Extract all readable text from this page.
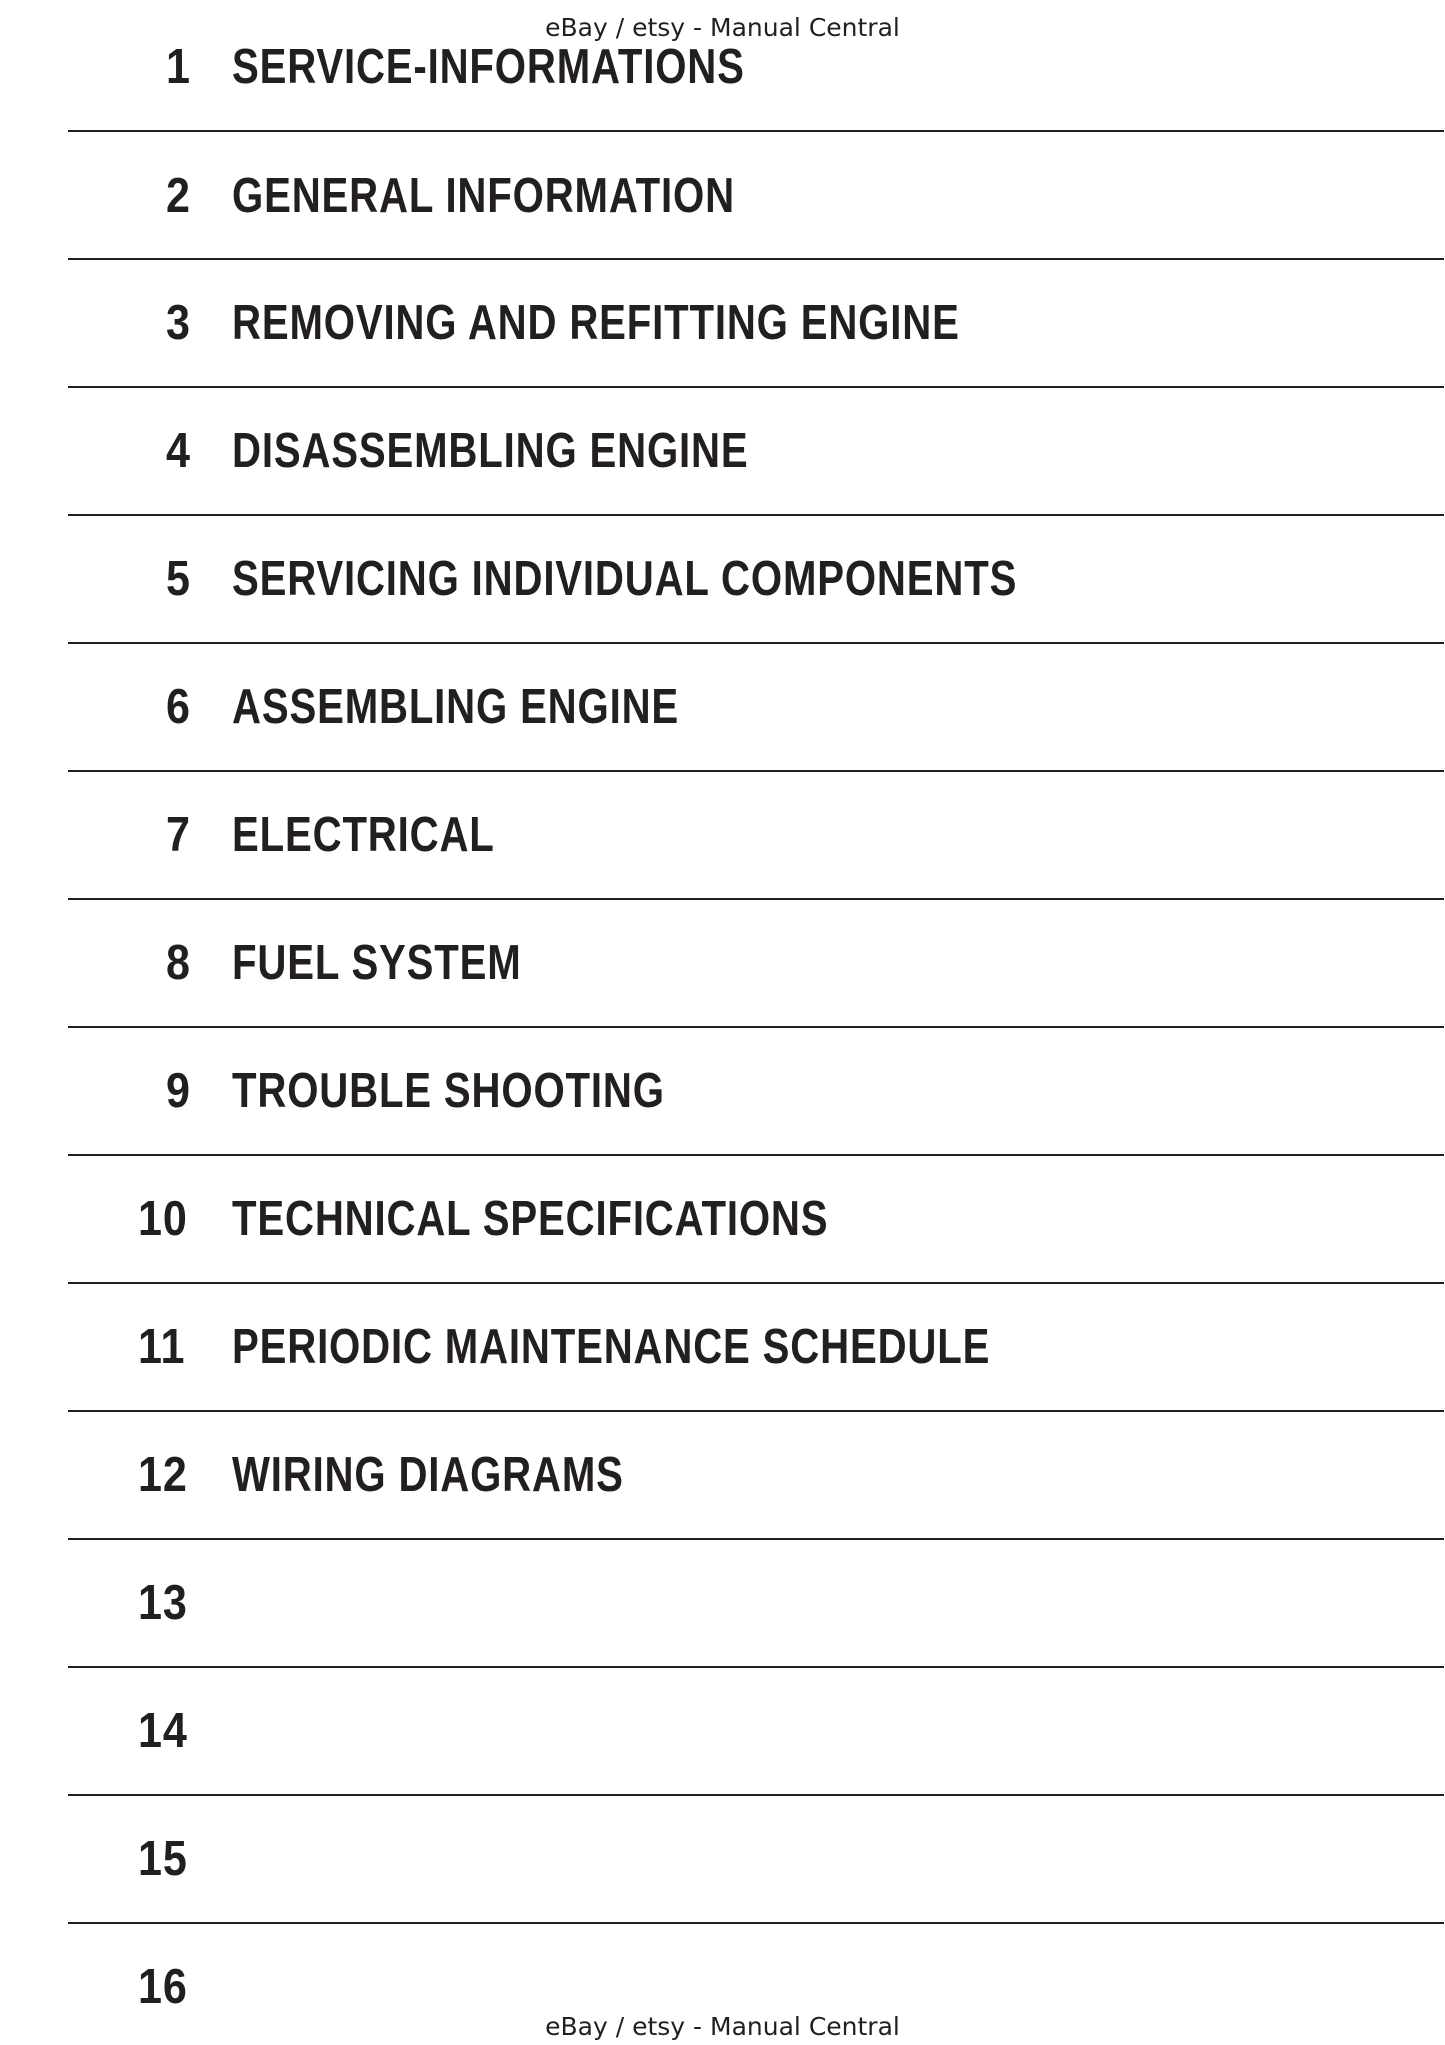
eBay / etsy - Manual Central
1 SERVICE-INFORMATIONS
2 GENERAL INFORMATION
3 REMOVING AND REFITTING ENGINE
4 DISASSEMBLING ENGINE
5 SERVICING INDIVIDUAL COMPONENTS
6 ASSEMBLING ENGINE
7 ELECTRICAL
8 FUEL SYSTEM
9 TROUBLE SHOOTING
10 TECHNICAL SPECIFICATIONS
11 PERIODIC MAINTENANCE SCHEDULE
12 WIRING DIAGRAMS
13
14
15
16
eBay / etsy - Manual Central
